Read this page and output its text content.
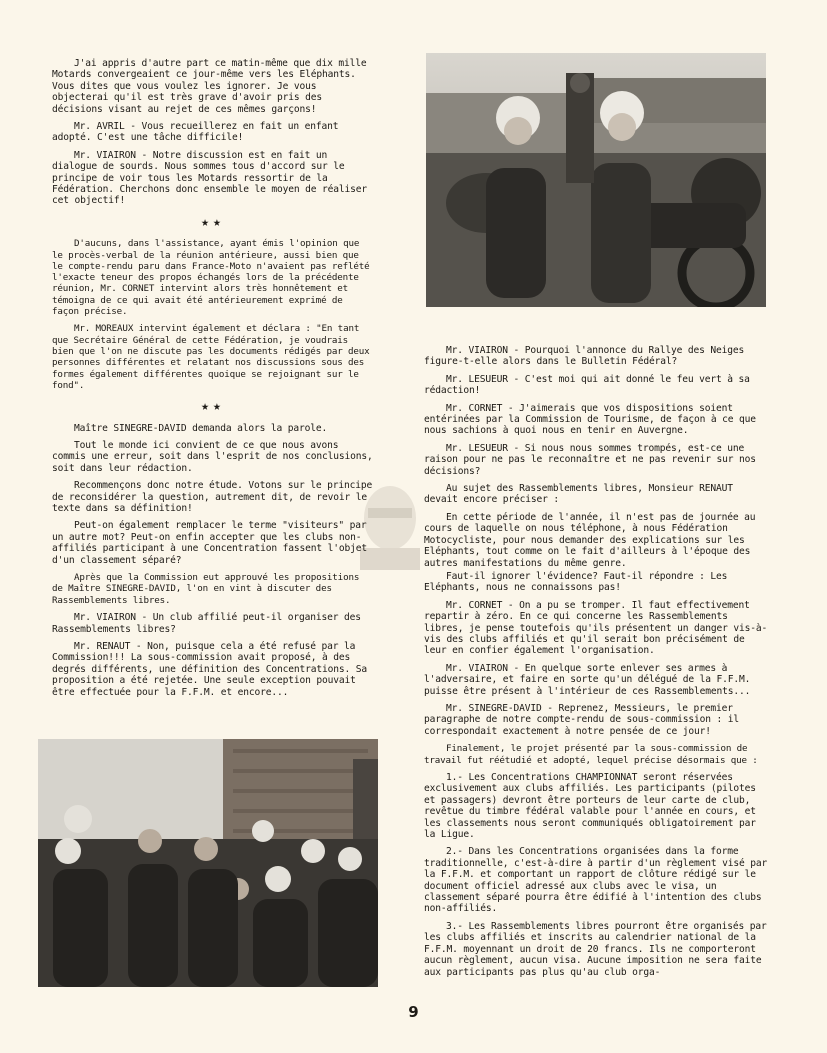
J'ai appris d'autre part ce matin-même que dix mille Motards convergeaient ce jour-même vers les Eléphants. Vous dites que vous voulez les ignorer. Je vous objecterai qu'il est très grave d'avoir pris des décisions visant au rejet de ces mêmes garçons!

Mr. AVRIL - Vous recueillerez en fait un enfant adopté. C'est une tâche difficile!

Mr. VIAIRON - Notre discussion est en fait un dialogue de sourds. Nous sommes tous d'accord sur le principe de voir tous les Motards ressortir de la Fédération. Cherchons donc ensemble le moyen de réaliser cet objectif!

★★

D'aucuns, dans l'assistance, ayant émis l'opinion que le procès-verbal de la réunion antérieure, aussi bien que le compte-rendu paru dans France-Moto n'avaient pas reflété l'exacte teneur des propos échangés lors de la précédente réunion, Mr. CORNET intervint alors très honnêtement et témoigna de ce qui avait été antérieurement exprimé de façon précise.

Mr. MOREAUX intervint également et déclara : "En tant que Secrétaire Général de cette Fédération, je voudrais bien que l'on ne discute pas les documents rédigés par deux personnes différentes et relatant nos discussions sous des formes également différentes quoique se rejoignant sur le fond".

★★

Maître SINEGRE-DAVID demanda alors la parole.

Tout le monde ici convient de ce que nous avons commis une erreur, soit dans l'esprit de nos conclusions, soit dans leur rédaction.

Recommençons donc notre étude. Votons sur le principe de reconsidérer la question, autrement dit, de revoir le texte dans sa définition!

Peut-on également remplacer le terme "visiteurs" par un autre mot? Peut-on enfin accepter que les clubs non-affiliés participant à une Concentration fassent l'objet d'un classement séparé?

Après que la Commission eut approuvé les propositions de Maître SINEGRE-DAVID, l'on en vint à discuter des Rassemblements libres.

Mr. VIAIRON - Un club affilié peut-il organiser des Rassemblements libres?

Mr. RENAUT - Non, puisque cela a été refusé par la Commission!!! La sous-commission avait proposé, à des degrés différents, une définition des Concentrations. Sa proposition a été rejetée. Une seule exception pouvait être effectuée pour la F.F.M. et encore...

Mr. VIAIRON - Pourquoi l'annonce du Rallye des Neiges figure-t-elle alors dans le Bulletin Fédéral?

Mr. LESUEUR - C'est moi qui ait donné le feu vert à sa rédaction!

Mr. CORNET - J'aimerais que vos dispositions soient entérinées par la Commission de Tourisme, de façon à ce que nous sachions à quoi nous en tenir en Auvergne.

Mr. LESUEUR - Si nous nous sommes trompés, est-ce une raison pour ne pas le reconnaître et ne pas revenir sur nos décisions?

Au sujet des Rassemblements libres, Monsieur RENAUT devait encore préciser :

En cette période de l'année, il n'est pas de journée au cours de laquelle on nous téléphone, à nous Fédération Motocycliste, pour nous demander des explications sur les Eléphants, tout comme on le fait d'ailleurs à l'époque des autres manifestations du même genre.

Faut-il ignorer l'évidence? Faut-il répondre : Les Eléphants, nous ne connaissons pas!

Mr. CORNET - On a pu se tromper. Il faut effectivement repartir à zéro. En ce qui concerne les Rassemblements libres, je pense toutefois qu'ils présentent un danger vis-à-vis des clubs affiliés et qu'il serait bon précisément de leur en confier également l'organisation.

Mr. VIAIRON - En quelque sorte enlever ses armes à l'adversaire, et faire en sorte qu'un délégué de la F.F.M. puisse être présent à l'intérieur de ces Rassemblements...

Mr. SINEGRE-DAVID - Reprenez, Messieurs, le premier paragraphe de notre compte-rendu de sous-commission : il correspondait exactement à notre pensée de ce jour!

Finalement, le projet présenté par la sous-commission de travail fut réétudié et adopté, lequel précise désormais que :

1.- Les Concentrations CHAMPIONNAT seront réservées exclusivement aux clubs affiliés. Les participants (pilotes et passagers) devront être porteurs de leur carte de club, revêtue du timbre fédéral valable pour l'année en cours, et les classements nous seront communiqués obligatoirement par la Ligue.

2.- Dans les Concentrations organisées dans la forme traditionnelle, c'est-à-dire à partir d'un règlement visé par la F.F.M. et comportant un rapport de clôture rédigé sur le document officiel adressé aux clubs avec le visa, un classement séparé pourra être édifié à l'intention des clubs non-affiliés.

3.- Les Rassemblements libres pourront être organisés par les clubs affiliés et inscrits au calendrier national de la F.F.M. moyennant un droit de 20 francs. Ils ne comporteront aucun règlement, aucun visa. Aucune imposition ne sera faite aux participants pas plus qu'au club orga-

9
